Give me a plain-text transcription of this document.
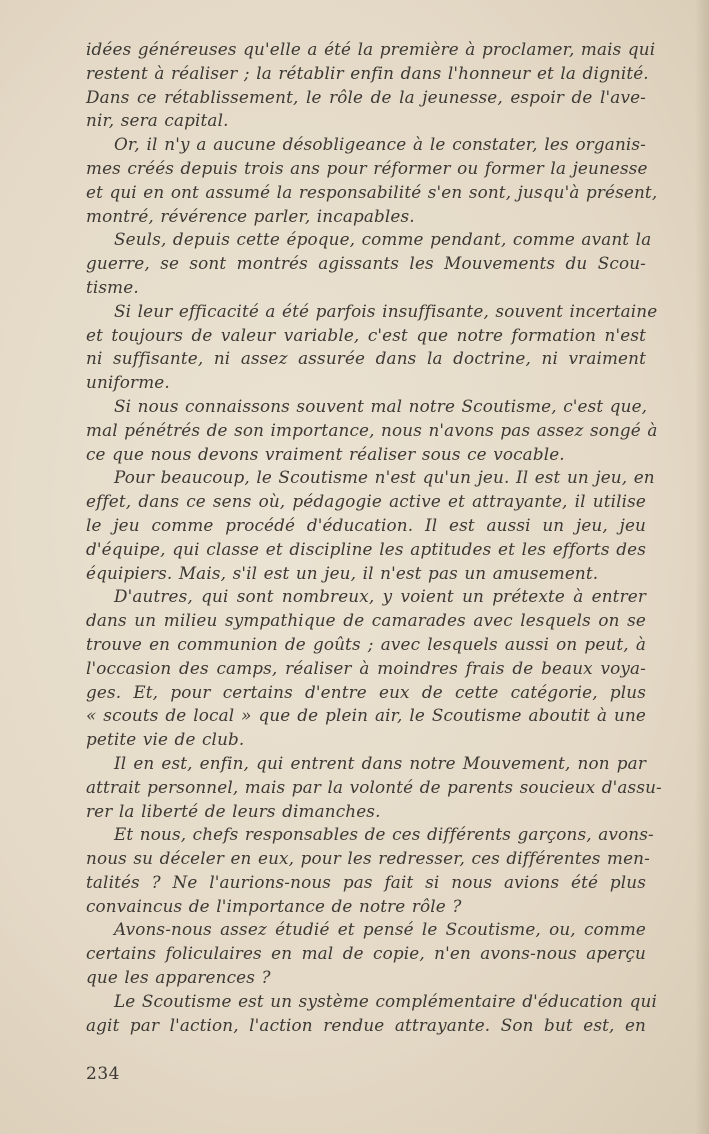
idées généreuses qu'elle a été la première à proclamer, mais qui
restent à réaliser ; la rétablir enfin dans l'honneur et la dignité.
Dans ce rétablissement, le rôle de la jeunesse, espoir de l'ave-
nir, sera capital.

Or, il n'y a aucune désobligeance à le constater, les organis-
mes créés depuis trois ans pour réformer ou former la jeunesse
et qui en ont assumé la responsabilité s'en sont, jusqu'à présent,
montré, révérence parler, incapables.

Seuls, depuis cette époque, comme pendant, comme avant la
guerre, se sont montrés agissants les Mouvements du Scou-
tisme.

Si leur efficacité a été parfois insuffisante, souvent incertaine
et toujours de valeur variable, c'est que notre formation n'est
ni suffisante, ni assez assurée dans la doctrine, ni vraiment
uniforme.

Si nous connaissons souvent mal notre Scoutisme, c'est que,
mal pénétrés de son importance, nous n'avons pas assez songé à
ce que nous devons vraiment réaliser sous ce vocable.

Pour beaucoup, le Scoutisme n'est qu'un jeu. Il est un jeu, en
effet, dans ce sens où, pédagogie active et attrayante, il utilise
le jeu comme procédé d'éducation. Il est aussi un jeu, jeu
d'équipe, qui classe et discipline les aptitudes et les efforts des
équipiers. Mais, s'il est un jeu, il n'est pas un amusement.

D'autres, qui sont nombreux, y voient un prétexte à entrer
dans un milieu sympathique de camarades avec lesquels on se
trouve en communion de goûts ; avec lesquels aussi on peut, à
l'occasion des camps, réaliser à moindres frais de beaux voya-
ges. Et, pour certains d'entre eux de cette catégorie, plus
« scouts de local » que de plein air, le Scoutisme aboutit à une
petite vie de club.

Il en est, enfin, qui entrent dans notre Mouvement, non par
attrait personnel, mais par la volonté de parents soucieux d'assu-
rer la liberté de leurs dimanches.

Et nous, chefs responsables de ces différents garçons, avons-
nous su déceler en eux, pour les redresser, ces différentes men-
talités ? Ne l'aurions-nous pas fait si nous avions été plus
convaincus de l'importance de notre rôle ?

Avons-nous assez étudié et pensé le Scoutisme, ou, comme
certains foliculaires en mal de copie, n'en avons-nous aperçu
que les apparences ?

Le Scoutisme est un système complémentaire d'éducation qui
agit par l'action, l'action rendue attrayante. Son but est, en

234
